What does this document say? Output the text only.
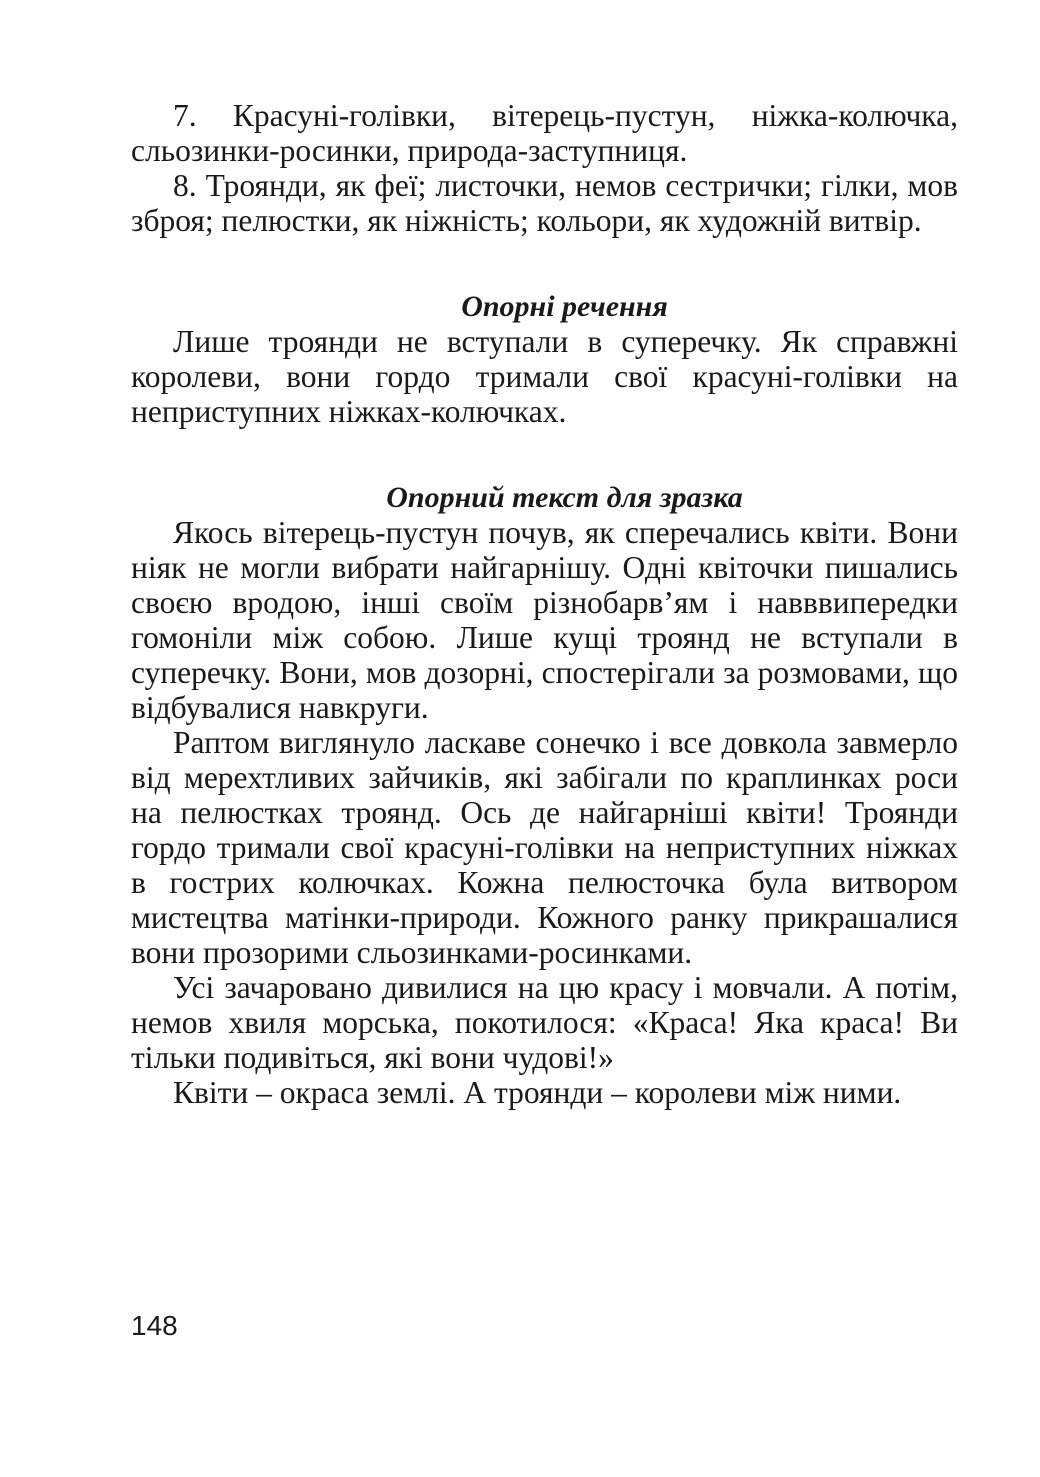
7. Красуні-голівки, вітерець-пустун, ніжка-колючка, сльозинки-росинки, природа-заступниця.

8. Троянди, як феї; листочки, немов сестрички; гілки, мов зброя; пелюстки, як ніжність; кольори, як художній витвір.

Опорні речення

Лише троянди не вступали в суперечку. Як справжні королеви, вони гордо тримали свої красуні-голівки на неприступних ніжках-колючках.

Опорний текст для зразка

Якось вітерець-пустун почув, як сперечались квіти. Вони ніяк не могли вибрати найгарнішу. Одні квіточки пишались своєю вродою, інші своїм різнобарв’ям і навввипередки гомоніли між собою. Лише кущі троянд не вступали в суперечку. Вони, мов дозорні, спостерігали за розмовами, що відбувалися навкруги.

Раптом виглянуло ласкаве сонечко і все довкола завмерло від мерехтливих зайчиків, які забігали по краплинках роси на пелюстках троянд. Ось де найгарніші квіти! Троянди гордо тримали свої красуні-голівки на неприступних ніжках в гострих колючках. Кожна пелюсточка була витвором мистецтва матінки-природи. Кожного ранку прикрашалися вони прозорими сльозинками-росинками.

Усі зачаровано дивилися на цю красу і мовчали. А потім, немов хвиля морська, покотилося: «Краса! Яка краса! Ви тільки подивіться, які вони чудові!»

Квіти – окраса землі. А троянди – королеви між ними.

148
